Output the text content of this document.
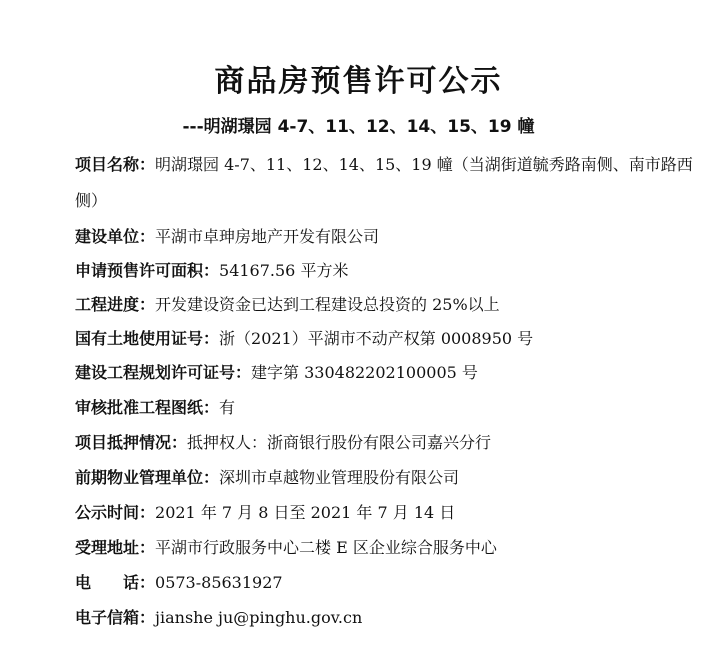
商品房预售许可公示
---明湖璟园 4-7、11、12、14、15、19 幢
项目名称：明湖璟园 4-7、11、12、14、15、19 幢（当湖街道毓秀路南侧、南市路西侧）
建设单位：平湖市卓珅房地产开发有限公司
申请预售许可面积：54167.56 平方米
工程进度：开发建设资金已达到工程建设总投资的 25%以上
国有土地使用证号：浙（2021）平湖市不动产权第 0008950 号
建设工程规划许可证号：建字第 330482202100005 号
审核批准工程图纸：有
项目抵押情况：抵押权人：浙商银行股份有限公司嘉兴分行
前期物业管理单位：深圳市卓越物业管理股份有限公司
公示时间：2021 年 7 月 8 日至 2021 年 7 月 14 日
受理地址：平湖市行政服务中心二楼 E 区企业综合服务中心
电　　话：0573-85631927
电子信箱：jianshe ju@pinghu.gov.cn
